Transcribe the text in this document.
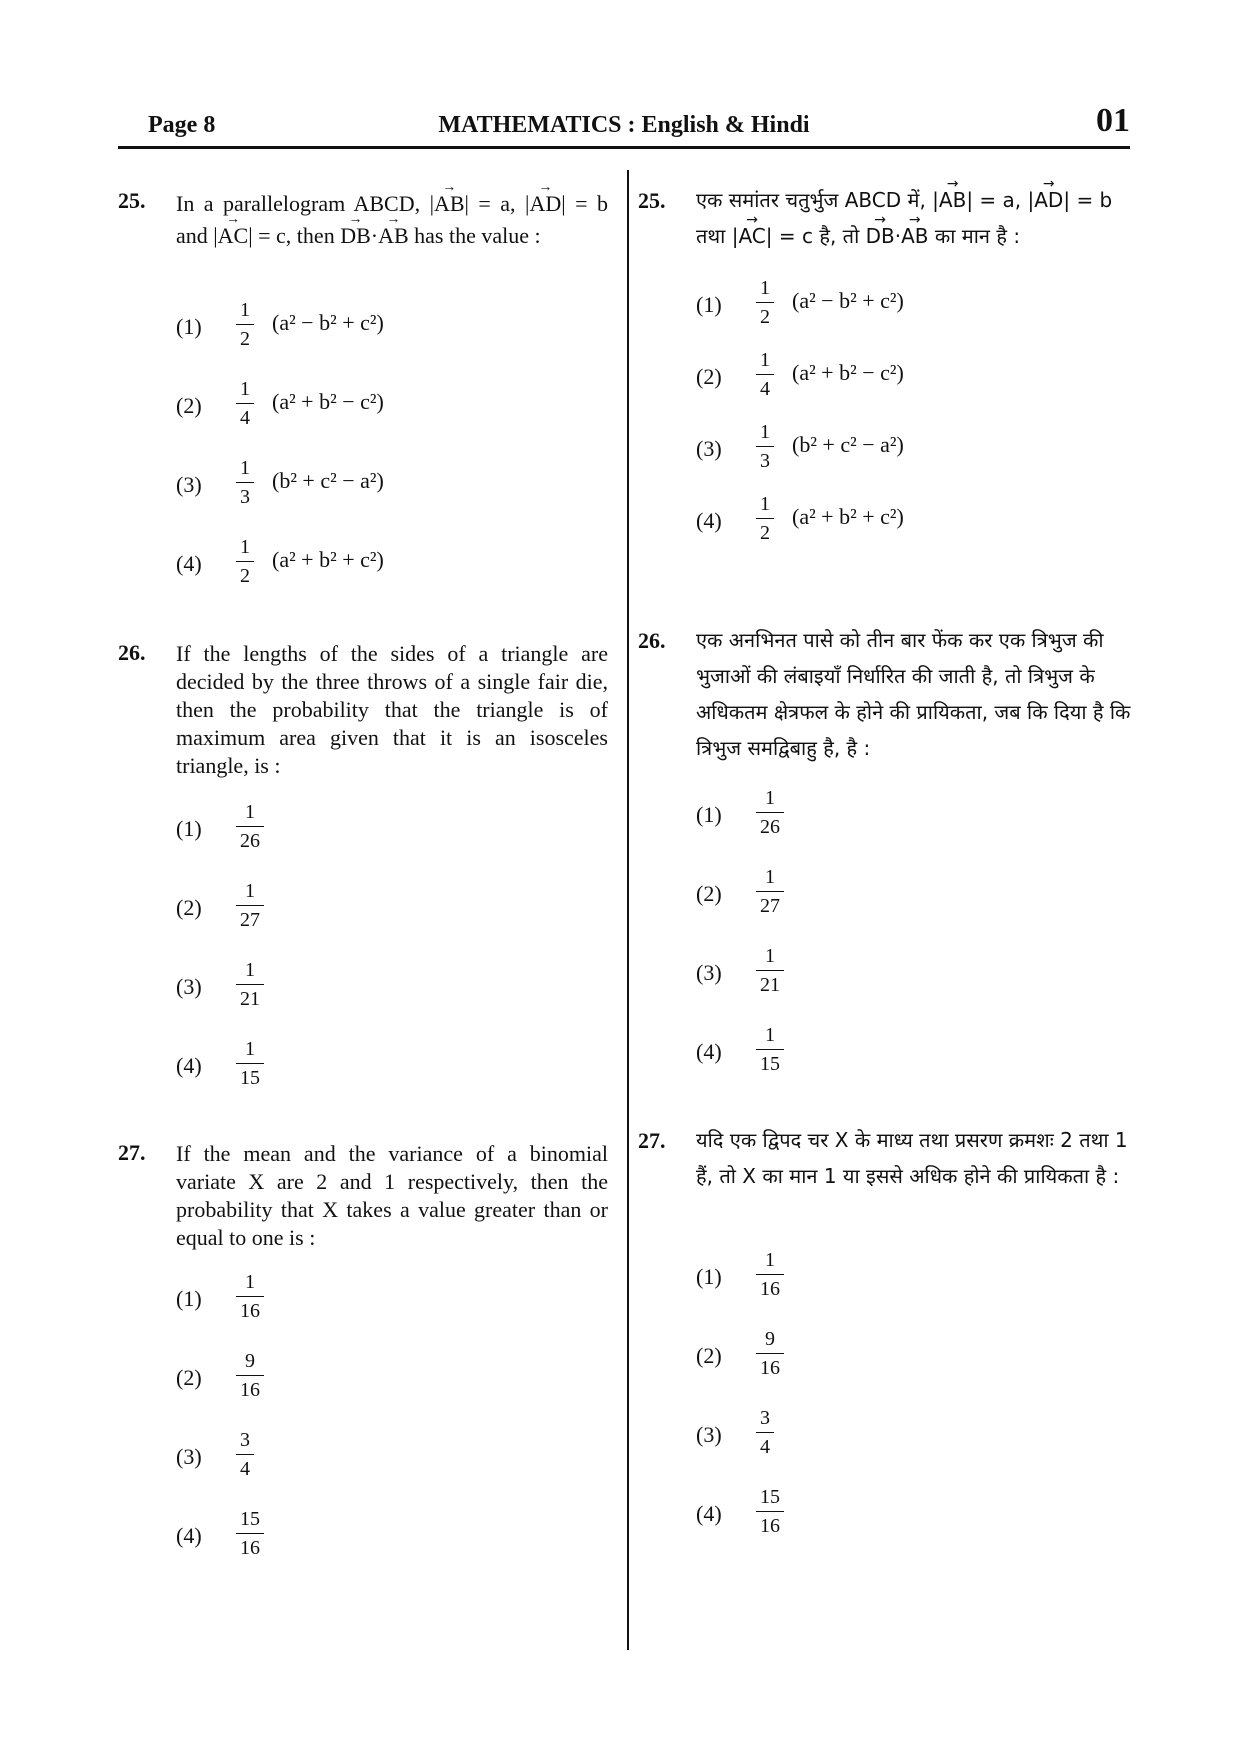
Page 8	MATHEMATICS : English & Hindi	01
25. In a parallelogram ABCD, |→ AB| = a, |→ AD| = b and |→ AC| = c, then → DB·→ AB has the value :
$(1) \frac{1}{2} (a^2 - b^2 + c^2)$
$(2) \frac{1}{4} (a^2 + b^2 - c^2)$
$(3) \frac{1}{3} (b^2 + c^2 - a^2)$
$(4) \frac{1}{2} (a^2 + b^2 + c^2)$
25. एक समांतर चतुर्भुज ABCD में, |→ AB| = a, |→ AD| = b तथा |→ AC| = c है, तो → DB·→ AB का मान है :
$(1) \frac{1}{2} (a^2 - b^2 + c^2)$
$(2) \frac{1}{4} (a^2 + b^2 - c^2)$
$(3) \frac{1}{3} (b^2 + c^2 - a^2)$
$(4) \frac{1}{2} (a^2 + b^2 + c^2)$
26. If the lengths of the sides of a triangle are decided by the three throws of a single fair die, then the probability that the triangle is of maximum area given that it is an isosceles triangle, is :
$(1) \frac{1}{26}$
$(2) \frac{1}{27}$
$(3) \frac{1}{21}$
$(4) \frac{1}{15}$
26. एक अनभिनत पासे को तीन बार फेंक कर एक त्रिभुज की भुजाओं की लंबाइयाँ निर्धारित की जाती है, तो त्रिभुज के अधिकतम क्षेत्रफल के होने की प्रायिकता, जब कि दिया है कि त्रिभुज समद्विबाहु है, है :
$(1) \frac{1}{26}$
$(2) \frac{1}{27}$
$(3) \frac{1}{21}$
$(4) \frac{1}{15}$
27. If the mean and the variance of a binomial variate X are 2 and 1 respectively, then the probability that X takes a value greater than or equal to one is :
$(1) \frac{1}{16}$
$(2) \frac{9}{16}$
$(3) \frac{3}{4}$
$(4) \frac{15}{16}$
27. यदि एक द्विपद चर X के माध्य तथा प्रसरण क्रमशः 2 तथा 1 हैं, तो X का मान 1 या इससे अधिक होने की प्रायिकता है :
$(1) \frac{1}{16}$
$(2) \frac{9}{16}$
$(3) \frac{3}{4}$
$(4) \frac{15}{16}$
